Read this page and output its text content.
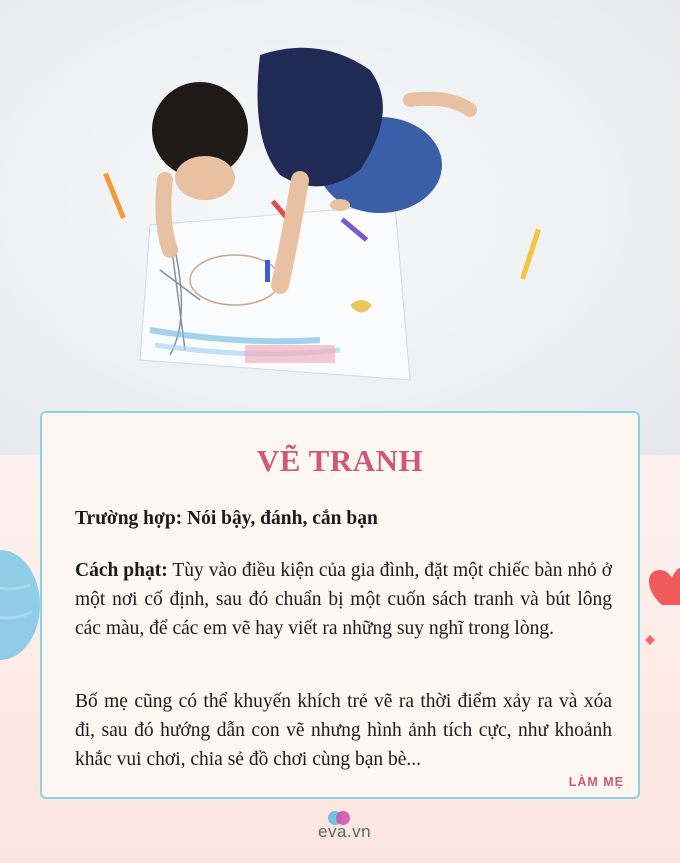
VẼ TRANH
Trường hợp: Nói bậy, đánh, cắn bạn

Cách phạt: Tùy vào điều kiện của gia đình, đặt một chiếc bàn nhỏ ở một nơi cố định, sau đó chuẩn bị một cuốn sách tranh và bút lông các màu, để các em vẽ hay viết ra những suy nghĩ trong lòng.

Bố mẹ cũng có thể khuyến khích trẻ vẽ ra thời điểm xảy ra và xóa đi, sau đó hướng dẫn con vẽ nhưng hình ảnh tích cực, như khoảnh khắc vui chơi, chia sẻ đồ chơi cùng bạn bè...

LÀM MẸ
eva.vn
